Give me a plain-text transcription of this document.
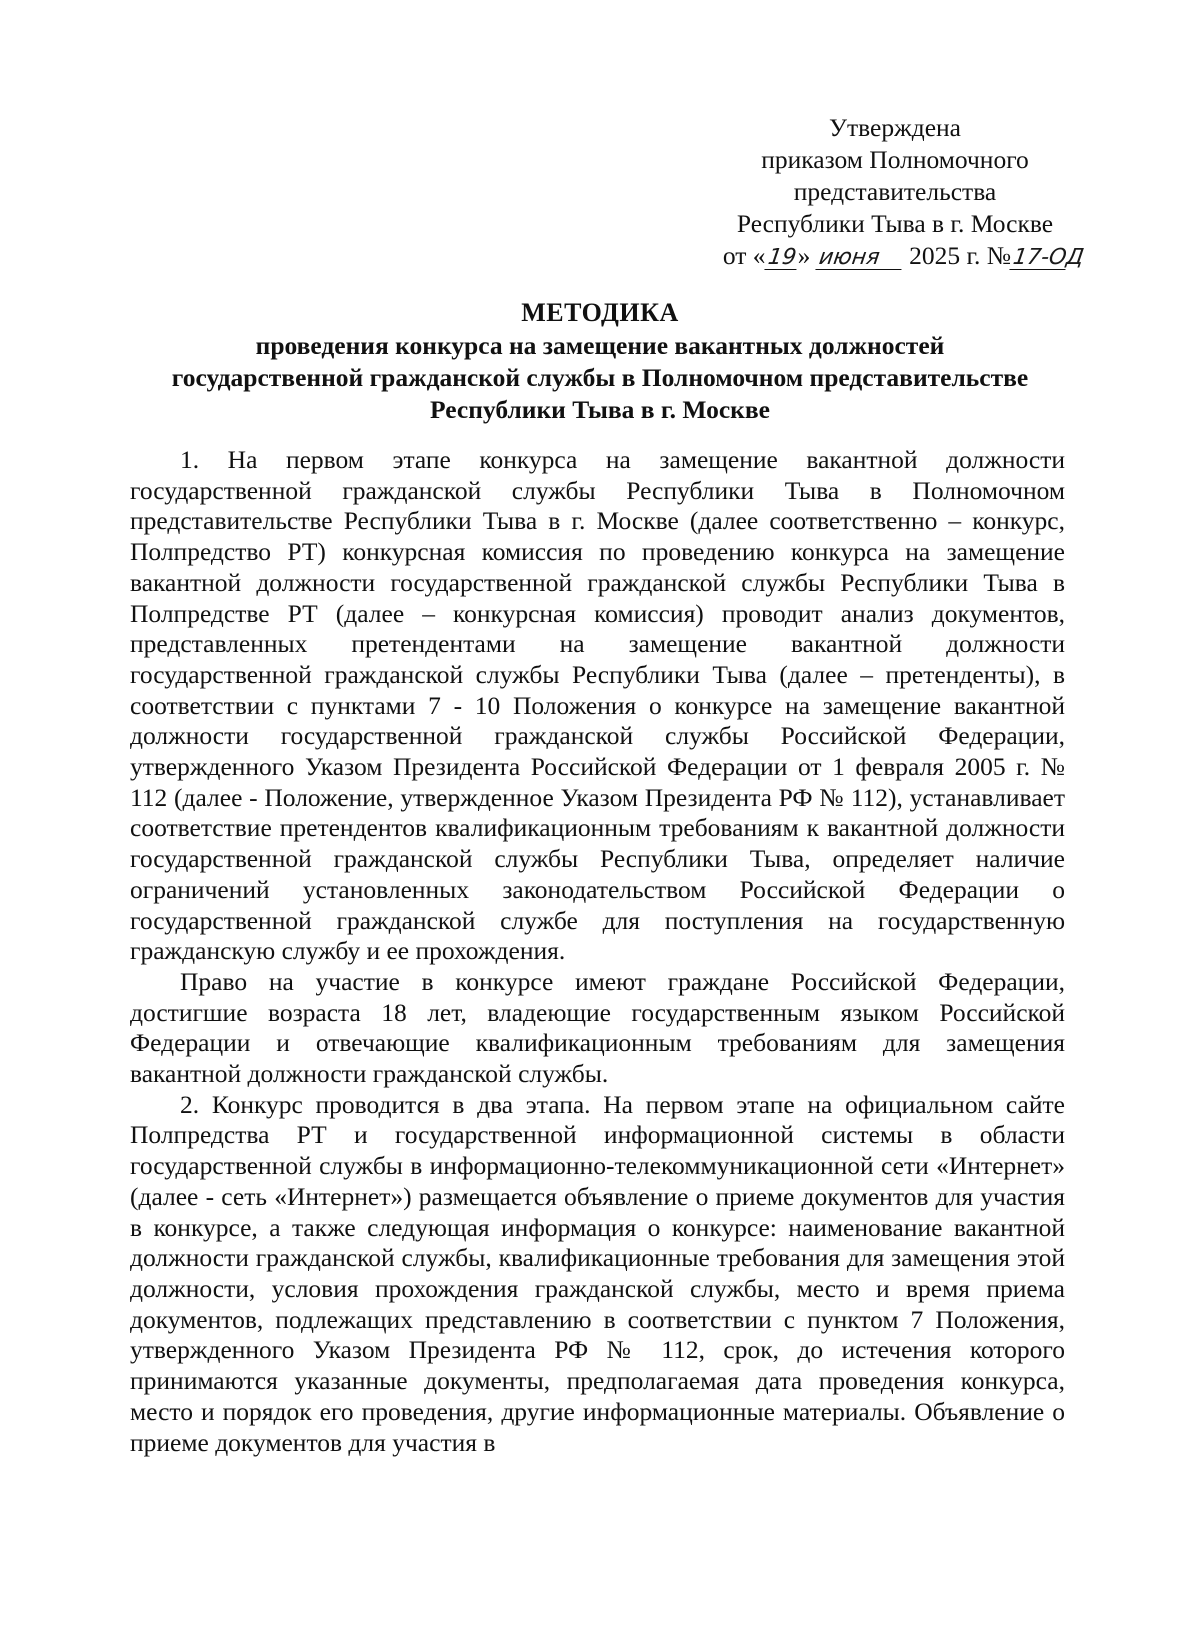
Утверждена
приказом Полномочного
представительства
Республики Тыва в г. Москве
от «19» июня 2025 г. №17-ОД
МЕТОДИКА
проведения конкурса на замещение вакантных должностей
государственной гражданской службы в Полномочном представительстве
Республики Тыва в г. Москве

1. На первом этапе конкурса на замещение вакантной должности государственной гражданской службы Республики Тыва в Полномочном представительстве Республики Тыва в г. Москве (далее соответственно – конкурс, Полпредство РТ) конкурсная комиссия по проведению конкурса на замещение вакантной должности государственной гражданской службы Республики Тыва в Полпредстве РТ (далее – конкурсная комиссия) проводит анализ документов, представленных претендентами на замещение вакантной должности государственной гражданской службы Республики Тыва (далее – претенденты), в соответствии с пунктами 7 - 10 Положения о конкурсе на замещение вакантной должности государственной гражданской службы Российской Федерации, утвержденного Указом Президента Российской Федерации от 1 февраля 2005 г. № 112 (далее - Положение, утвержденное Указом Президента РФ № 112), устанавливает соответствие претендентов квалификационным требованиям к вакантной должности государственной гражданской службы Республики Тыва, определяет наличие ограничений установленных законодательством Российской Федерации о государственной гражданской службе для поступления на государственную гражданскую службу и ее прохождения.

Право на участие в конкурсе имеют граждане Российской Федерации, достигшие возраста 18 лет, владеющие государственным языком Российской Федерации и отвечающие квалификационным требованиям для замещения вакантной должности гражданской службы.

2. Конкурс проводится в два этапа. На первом этапе на официальном сайте Полпредства РТ и государственной информационной системы в области государственной службы в информационно-телекоммуникационной сети «Интернет» (далее - сеть «Интернет») размещается объявление о приеме документов для участия в конкурсе, а также следующая информация о конкурсе: наименование вакантной должности гражданской службы, квалификационные требования для замещения этой должности, условия прохождения гражданской службы, место и время приема документов, подлежащих представлению в соответствии с пунктом 7 Положения, утвержденного Указом Президента РФ № 112, срок, до истечения которого принимаются указанные документы, предполагаемая дата проведения конкурса, место и порядок его проведения, другие информационные материалы. Объявление о приеме документов для участия в
